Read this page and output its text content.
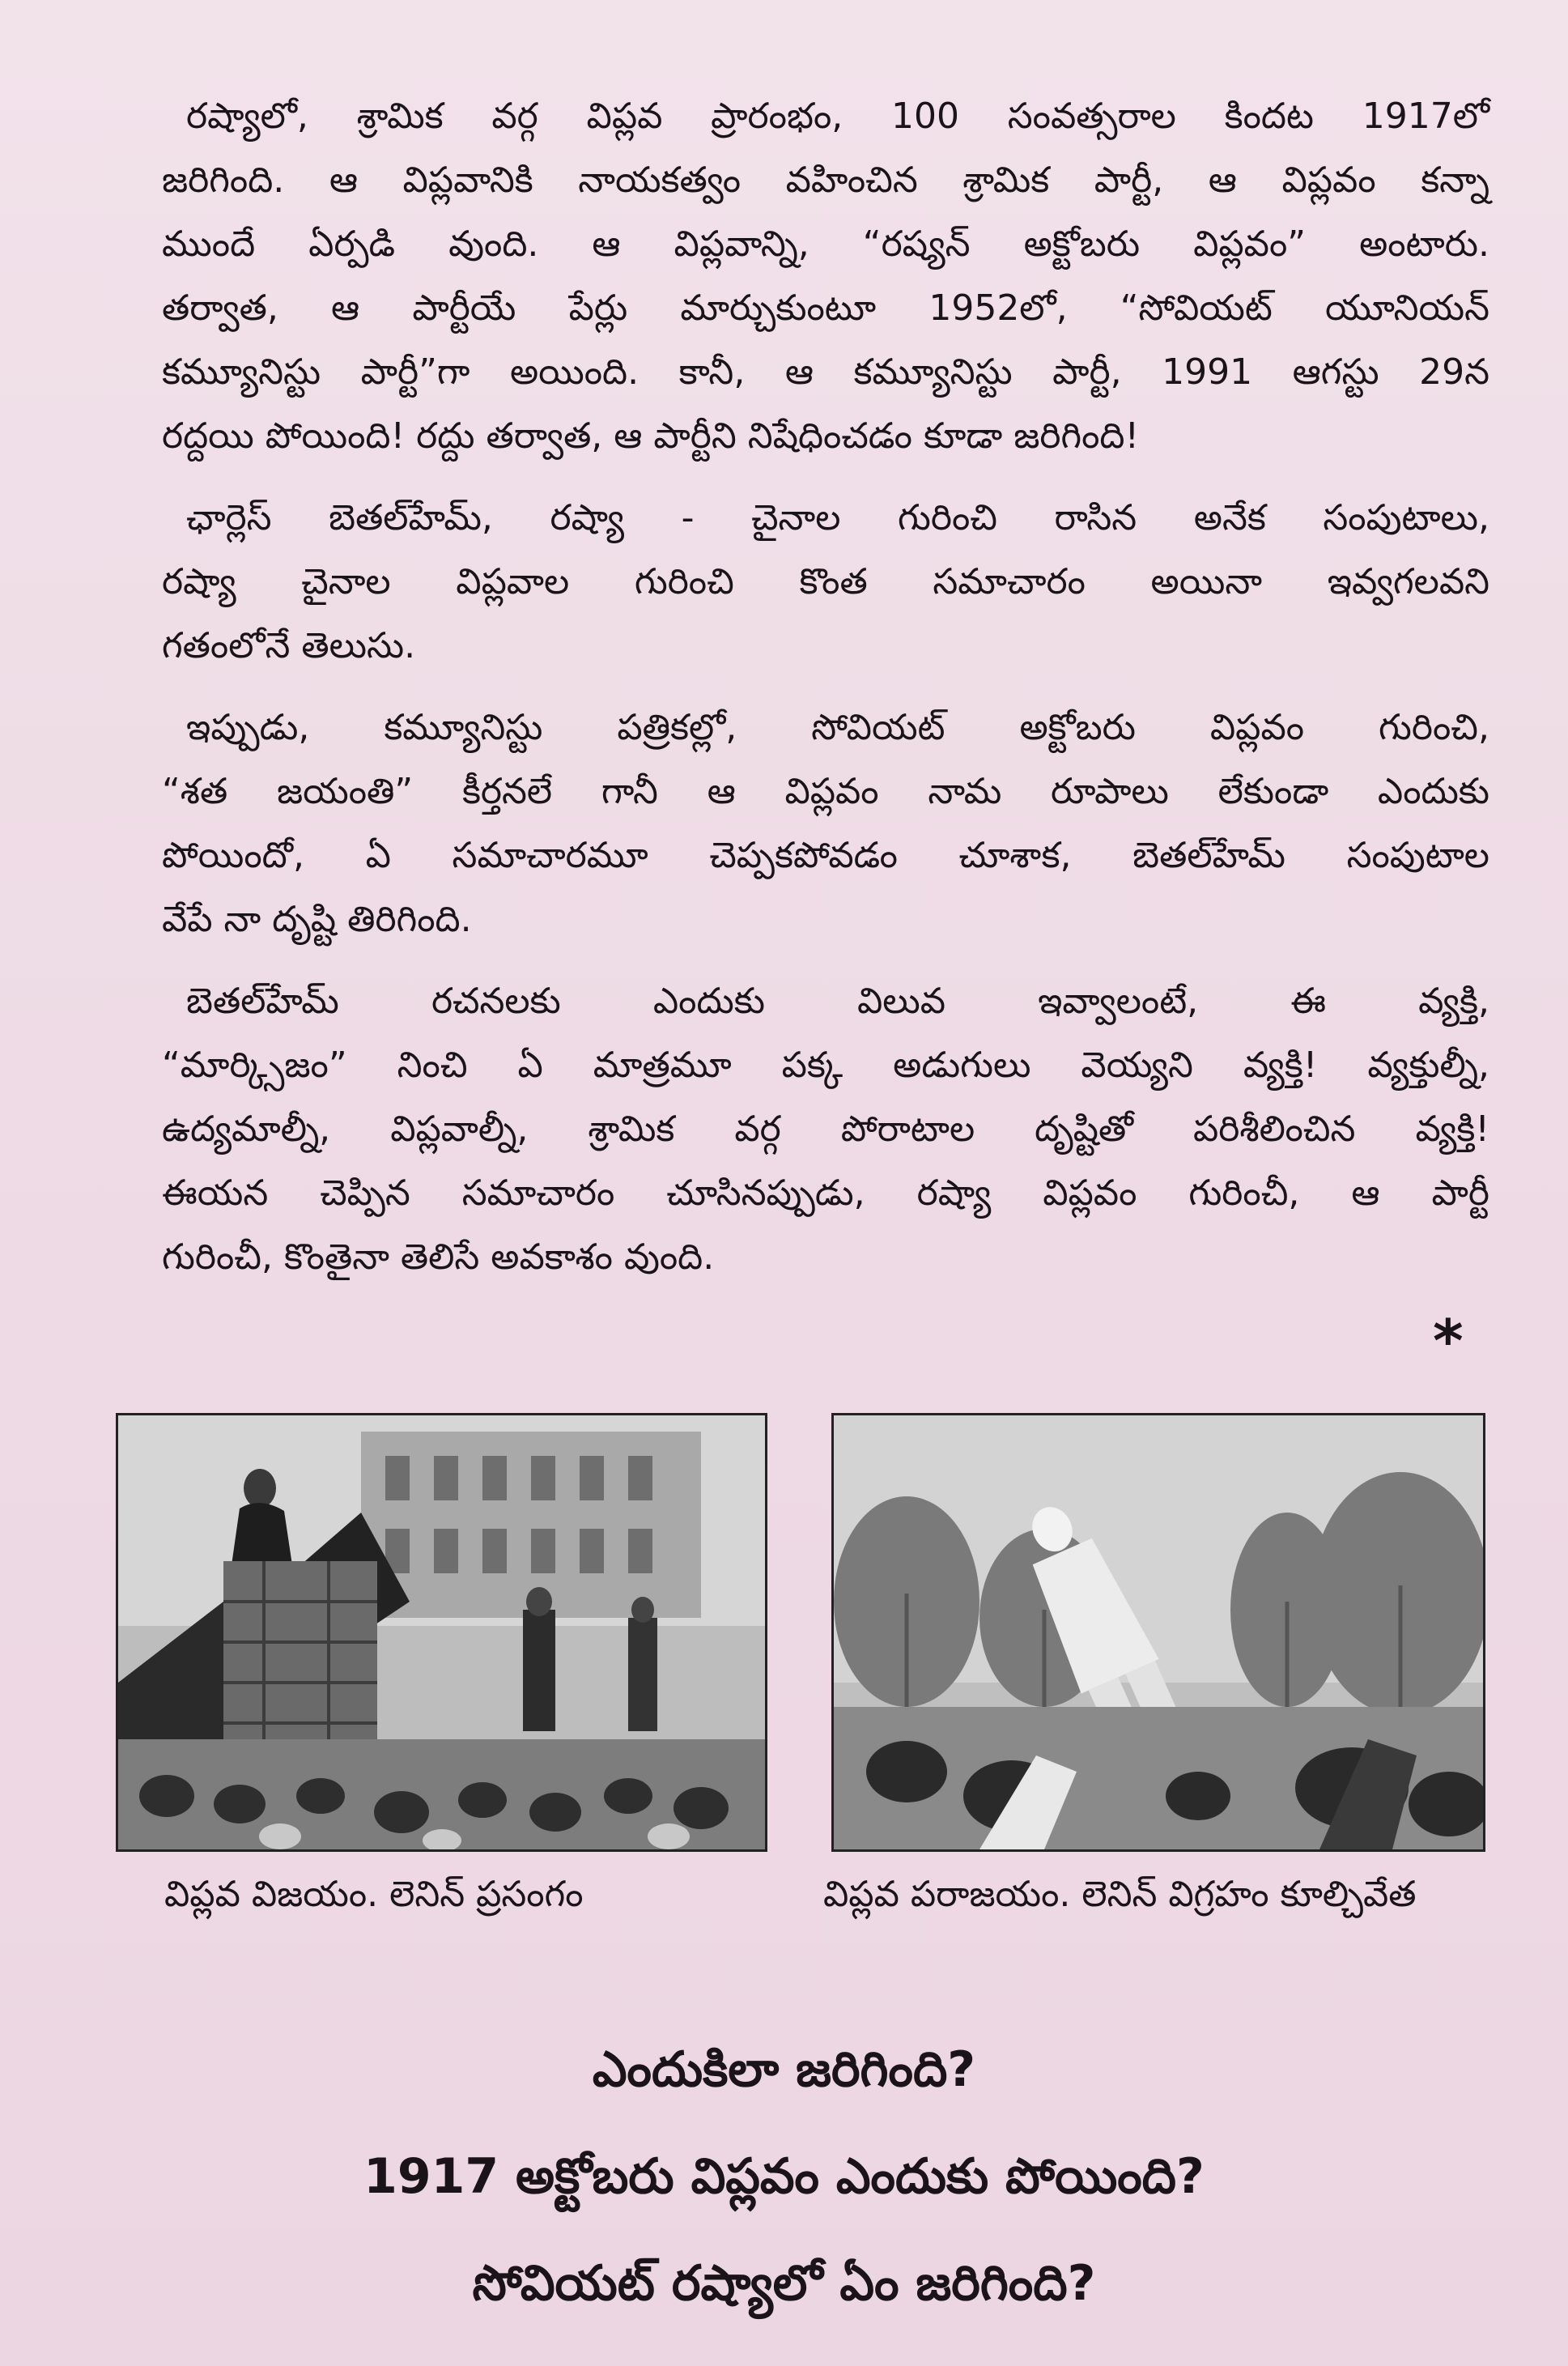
రష్యాలో, శ్రామిక వర్గ విప్లవ ప్రారంభం, 100 సంవత్సరాల కిందట 1917లో
జరిగింది. ఆ విప్లవానికి నాయకత్వం వహించిన శ్రామిక పార్టీ, ఆ విప్లవం కన్నా
ముందే ఏర్పడి వుంది. ఆ విప్లవాన్ని, “రష్యన్ అక్టోబరు విప్లవం” అంటారు.
తర్వాత, ఆ పార్టీయే పేర్లు మార్చుకుంటూ 1952లో, “సోవియట్ యూనియన్
కమ్యూనిస్టు పార్టీ”గా అయింది. కానీ, ఆ కమ్యూనిస్టు పార్టీ, 1991 ఆగస్టు 29న
రద్దయి పోయింది! రద్దు తర్వాత, ఆ పార్టీని నిషేధించడం కూడా జరిగింది!
ఛార్లెస్ బెతల్‌హేమ్, రష్యా - చైనాల గురించి రాసిన అనేక సంపుటాలు,
రష్యా చైనాల విప్లవాల గురించి కొంత సమాచారం అయినా ఇవ్వగలవని
గతంలోనే తెలుసు.
ఇప్పుడు, కమ్యూనిస్టు పత్రికల్లో, సోవియట్ అక్టోబరు విప్లవం గురించి,
“శత జయంతి” కీర్తనలే గానీ ఆ విప్లవం నామ రూపాలు లేకుండా ఎందుకు
పోయిందో, ఏ సమాచారమూ చెప్పకపోవడం చూశాక, బెతల్‌హేమ్ సంపుటాల
వేపే నా దృష్టి తిరిగింది.
బెతల్‌హేమ్ రచనలకు ఎందుకు విలువ ఇవ్వాలంటే, ఈ వ్యక్తి,
“మార్క్సిజం” నించి ఏ మాత్రమూ పక్క అడుగులు వెయ్యని వ్యక్తి! వ్యక్తుల్నీ,
ఉద్యమాల్నీ, విప్లవాల్నీ, శ్రామిక వర్గ పోరాటాల దృష్టితో పరిశీలించిన వ్యక్తి!
ఈయన చెప్పిన సమాచారం చూసినప్పుడు, రష్యా విప్లవం గురించీ, ఆ పార్టీ
గురించీ, కొంతైనా తెలిసే అవకాశం వుంది.
*
విప్లవ విజయం. లెనిన్ ప్రసంగం	విప్లవ పరాజయం. లెనిన్ విగ్రహం కూల్చివేత
ఎందుకిలా జరిగింది?
1917 అక్టోబరు విప్లవం ఎందుకు పోయింది?
సోవియట్ రష్యాలో ఏం జరిగింది?
